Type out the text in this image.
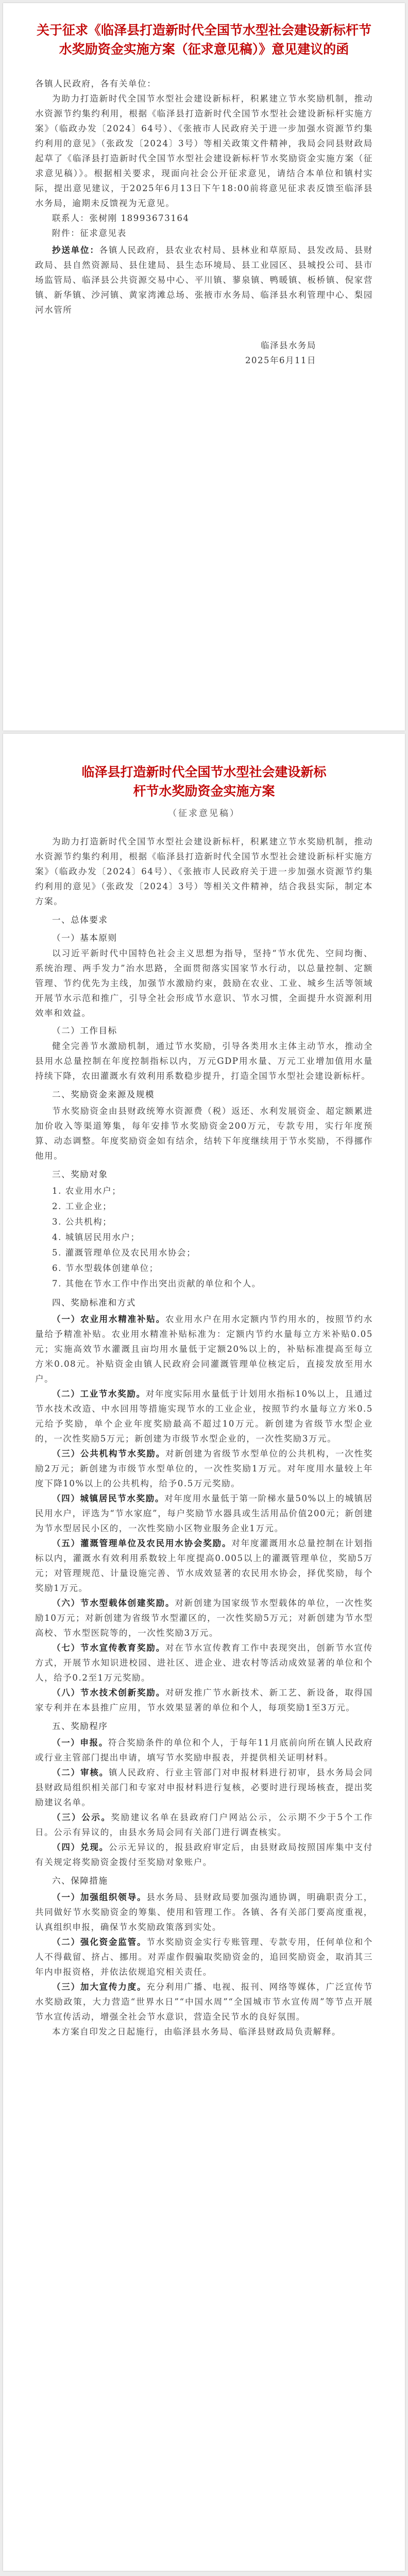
关于征求《临泽县打造新时代全国节水型社会建设新标杆节水奖励资金实施方案（征求意见稿）》意见建议的函

各镇人民政府，各有关单位：

为助力打造新时代全国节水型社会建设新标杆，积累建立节水奖励机制，推动水资源节约集约利用，根据《临泽县打造新时代全国节水型社会建设新标杆实施方案》（临政办发〔2024〕64号）、《张掖市人民政府关于进一步加强水资源节约集约利用的意见》（张政发〔2024〕3号）等相关政策文件精神，我局会同县财政局起草了《临泽县打造新时代全国节水型社会建设新标杆节水奖励资金实施方案（征求意见稿）》。根据相关要求，现面向社会公开征求意见，请结合本单位和镇村实际，提出意见建议，于2025年6月13日下午18:00前将意见征求表反馈至临泽县水务局，逾期未反馈视为无意见。

联系人：张树刚 18993673164

附件：征求意见表

抄送单位：各镇人民政府，县农业农村局、县林业和草原局、县发改局、县财政局、县自然资源局、县住建局、县生态环境局、县工业园区、县城投公司、县市场监管局、临泽县公共资源交易中心、平川镇、蓼泉镇、鸭暖镇、板桥镇、倪家营镇、新华镇、沙河镇、黄家湾滩总场、张掖市水务局、临泽县水利管理中心、梨园河水管所

临泽县水务局

2025年6月11日

临泽县打造新时代全国节水型社会建设新标杆节水奖励资金实施方案

（征求意见稿）

为助力打造新时代全国节水型社会建设新标杆，积累建立节水奖励机制，推动水资源节约集约利用，根据《临泽县打造新时代全国节水型社会建设新标杆实施方案》（临政办发〔2024〕64号）、《张掖市人民政府关于进一步加强水资源节约集约利用的意见》（张政发〔2024〕3号）等相关文件精神，结合我县实际，制定本方案。

一、总体要求

（一）基本原则

以习近平新时代中国特色社会主义思想为指导，坚持“节水优先、空间均衡、系统治理、两手发力”治水思路，全面贯彻落实国家节水行动，以总量控制、定额管理、节约优先为主线，加强节水激励约束，鼓励在农业、工业、城乡生活等领域开展节水示范和推广，引导全社会形成节水意识、节水习惯，全面提升水资源利用效率和效益。

（二）工作目标

健全完善节水激励机制，通过节水奖励，引导各类用水主体主动节水，推动全县用水总量控制在年度控制指标以内，万元GDP用水量、万元工业增加值用水量持续下降，农田灌溉水有效利用系数稳步提升，打造全国节水型社会建设新标杆。

二、奖励资金来源及规模

节水奖励资金由县财政统筹水资源费（税）返还、水利发展资金、超定额累进加价收入等渠道筹集，每年安排节水奖励资金200万元，专款专用，实行年度预算、动态调整。年度奖励资金如有结余，结转下年度继续用于节水奖励，不得挪作他用。

三、奖励对象

1. 农业用水户；

2. 工业企业；

3. 公共机构；

4. 城镇居民用水户；

5. 灌溉管理单位及农民用水协会；

6. 节水型载体创建单位；

7. 其他在节水工作中作出突出贡献的单位和个人。

四、奖励标准和方式

（一）农业用水精准补贴。农业用水户在用水定额内节约用水的，按照节约水量给予精准补贴。农业用水精准补贴标准为：定额内节约水量每立方米补贴0.05元；实施高效节水灌溉且亩均用水量低于定额20%以上的，补贴标准提高至每立方米0.08元。补贴资金由镇人民政府会同灌溉管理单位核定后，直接发放至用水户。

（二）工业节水奖励。对年度实际用水量低于计划用水指标10%以上，且通过节水技术改造、中水回用等措施实现节水的工业企业，按照节约水量每立方米0.5元给予奖励，单个企业年度奖励最高不超过10万元。新创建为省级节水型企业的，一次性奖励5万元；新创建为市级节水型企业的，一次性奖励3万元。

（三）公共机构节水奖励。对新创建为省级节水型单位的公共机构，一次性奖励2万元；新创建为市级节水型单位的，一次性奖励1万元。对年度用水量较上年度下降10%以上的公共机构，给予0.5万元奖励。

（四）城镇居民节水奖励。对年度用水量低于第一阶梯水量50%以上的城镇居民用水户，评选为“节水家庭”，每户奖励节水器具或生活用品价值200元；新创建为节水型居民小区的，一次性奖励小区物业服务企业1万元。

（五）灌溉管理单位及农民用水协会奖励。对年度灌溉用水总量控制在计划指标以内，灌溉水有效利用系数较上年度提高0.005以上的灌溉管理单位，奖励5万元；对管理规范、计量设施完善、节水成效显著的农民用水协会，择优奖励，每个奖励1万元。

（六）节水型载体创建奖励。对新创建为国家级节水型载体的单位，一次性奖励10万元；对新创建为省级节水型灌区的，一次性奖励5万元；对新创建为节水型高校、节水型医院等的，一次性奖励3万元。

（七）节水宣传教育奖励。对在节水宣传教育工作中表现突出，创新节水宣传方式，开展节水知识进校园、进社区、进企业、进农村等活动成效显著的单位和个人，给予0.2至1万元奖励。

（八）节水技术创新奖励。对研发推广节水新技术、新工艺、新设备，取得国家专利并在本县推广应用，节水效果显著的单位和个人，每项奖励1至3万元。

五、奖励程序

（一）申报。符合奖励条件的单位和个人，于每年11月底前向所在镇人民政府或行业主管部门提出申请，填写节水奖励申报表，并提供相关证明材料。

（二）审核。镇人民政府、行业主管部门对申报材料进行初审，县水务局会同县财政局组织相关部门和专家对申报材料进行复核，必要时进行现场核查，提出奖励建议名单。

（三）公示。奖励建议名单在县政府门户网站公示，公示期不少于5个工作日。公示有异议的，由县水务局会同有关部门进行调查核实。

（四）兑现。公示无异议的，报县政府审定后，由县财政局按照国库集中支付有关规定将奖励资金拨付至奖励对象账户。

六、保障措施

（一）加强组织领导。县水务局、县财政局要加强沟通协调，明确职责分工，共同做好节水奖励资金的筹集、使用和管理工作。各镇、各有关部门要高度重视，认真组织申报，确保节水奖励政策落到实处。

（二）强化资金监管。节水奖励资金实行专账管理、专款专用，任何单位和个人不得截留、挤占、挪用。对弄虚作假骗取奖励资金的，追回奖励资金，取消其三年内申报资格，并依法依规追究相关责任。

（三）加大宣传力度。充分利用广播、电视、报刊、网络等媒体，广泛宣传节水奖励政策，大力营造“世界水日”“中国水周”“全国城市节水宣传周”等节点开展节水宣传活动，增强全社会节水意识，营造全民节水的良好氛围。

本方案自印发之日起施行，由临泽县水务局、临泽县财政局负责解释。
